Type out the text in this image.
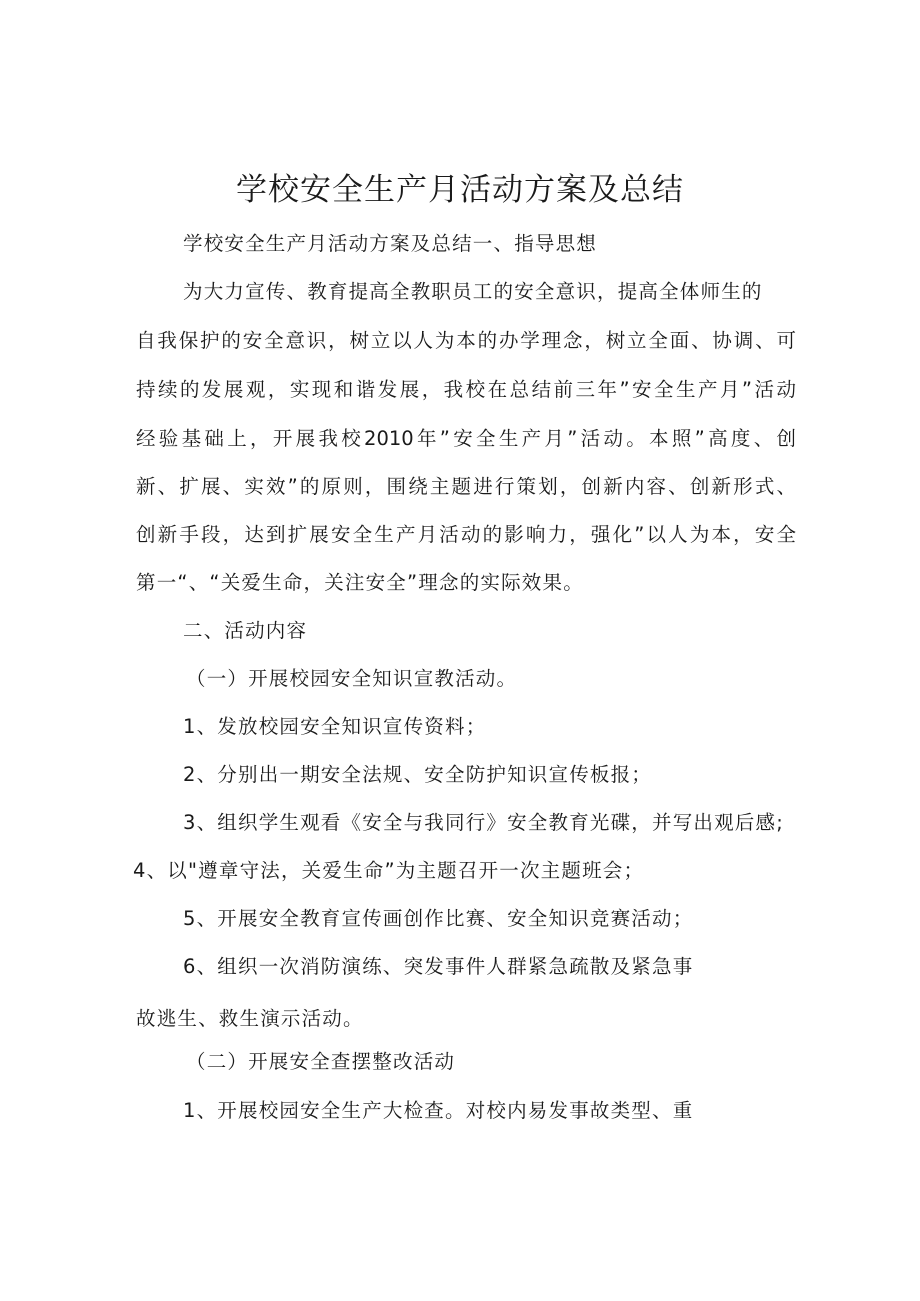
学校安全生产月活动方案及总结
学校安全生产月活动方案及总结一、指导思想
为大力宣传、教育提高全教职员工的安全意识，提高全体师生的
自我保护的安全意识，树立以人为本的办学理念，树立全面、协调、可
持续的发展观，实现和谐发展，我校在总结前三年”安全生产月”活动
经验基础上，开展我校2010年”安全生产月”活动。本照”高度、创
新、扩展、实效”的原则，围绕主题进行策划，创新内容、创新形式、
创新手段，达到扩展安全生产月活动的影响力，强化”以人为本，安全
第一“、“关爱生命，关注安全”理念的实际效果。
二、活动内容
（一）开展校园安全知识宣教活动。
1、发放校园安全知识宣传资料；
2、分别出一期安全法规、安全防护知识宣传板报；
3、组织学生观看《安全与我同行》安全教育光碟，并写出观后感;
4、以"遵章守法，关爱生命”为主题召开一次主题班会；
5、开展安全教育宣传画创作比赛、安全知识竞赛活动；
6、组织一次消防演练、突发事件人群紧急疏散及紧急事
故逃生、救生演示活动。
（二）开展安全查摆整改活动
1、开展校园安全生产大检查。对校内易发事故类型、重
